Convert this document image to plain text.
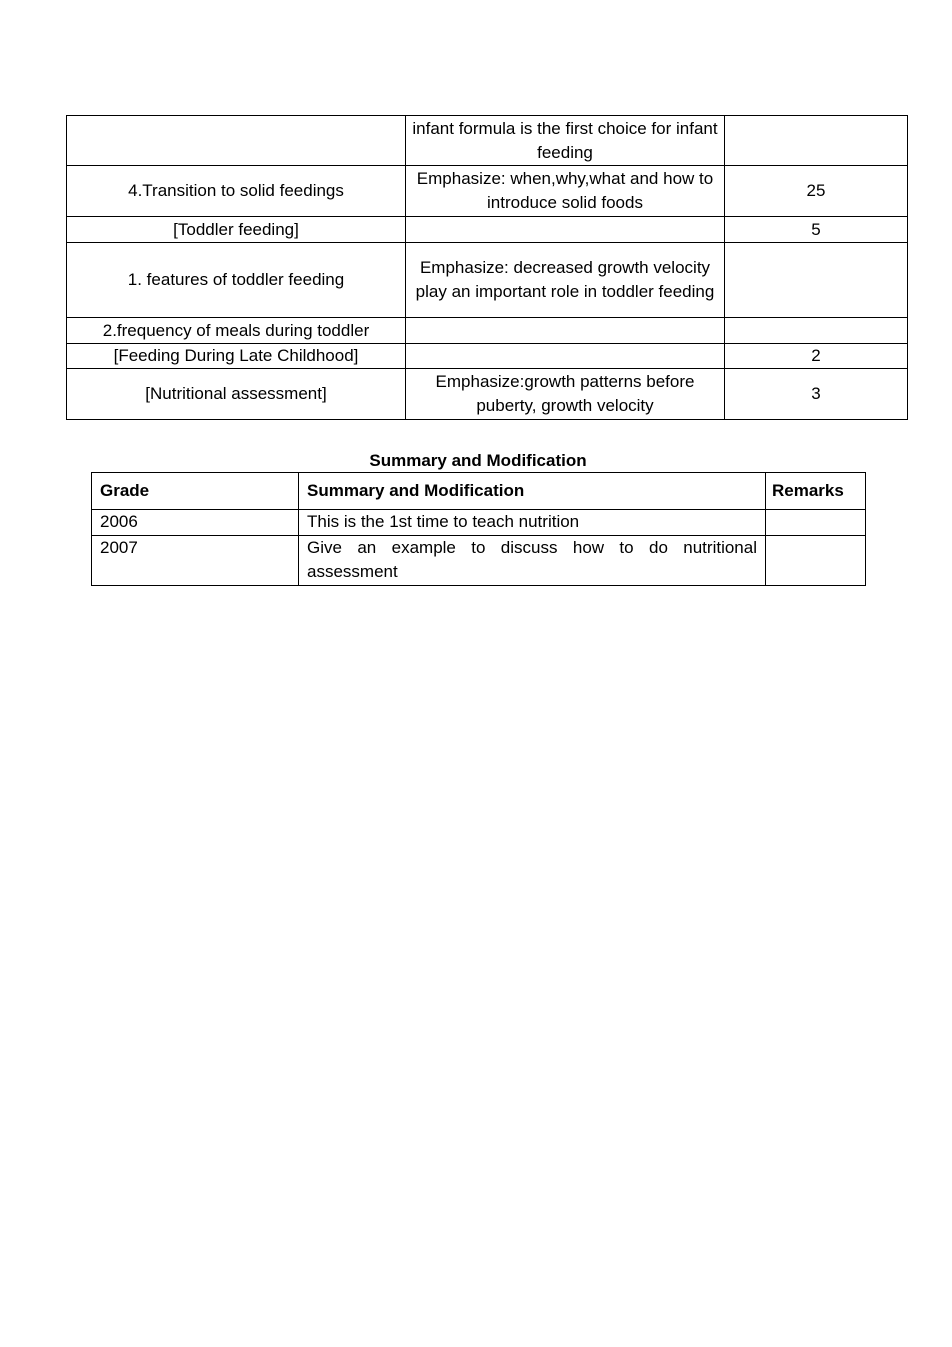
	infant formula is the first choice for infant feeding	
4.Transition to solid feedings	Emphasize: when,why,what and how to introduce solid foods	25
[Toddler feeding]		5
1. features of toddler feeding	Emphasize: decreased growth velocity play an important role in toddler feeding	
2.frequency of meals during toddler		
[Feeding During Late Childhood]		2
[Nutritional assessment]	Emphasize:growth patterns before puberty, growth velocity	3
Summary and Modification
Grade	Summary and Modification	Remarks
2006	This is the 1st time to teach nutrition	
2007	Give an example to discuss how to do nutritional assessment	
